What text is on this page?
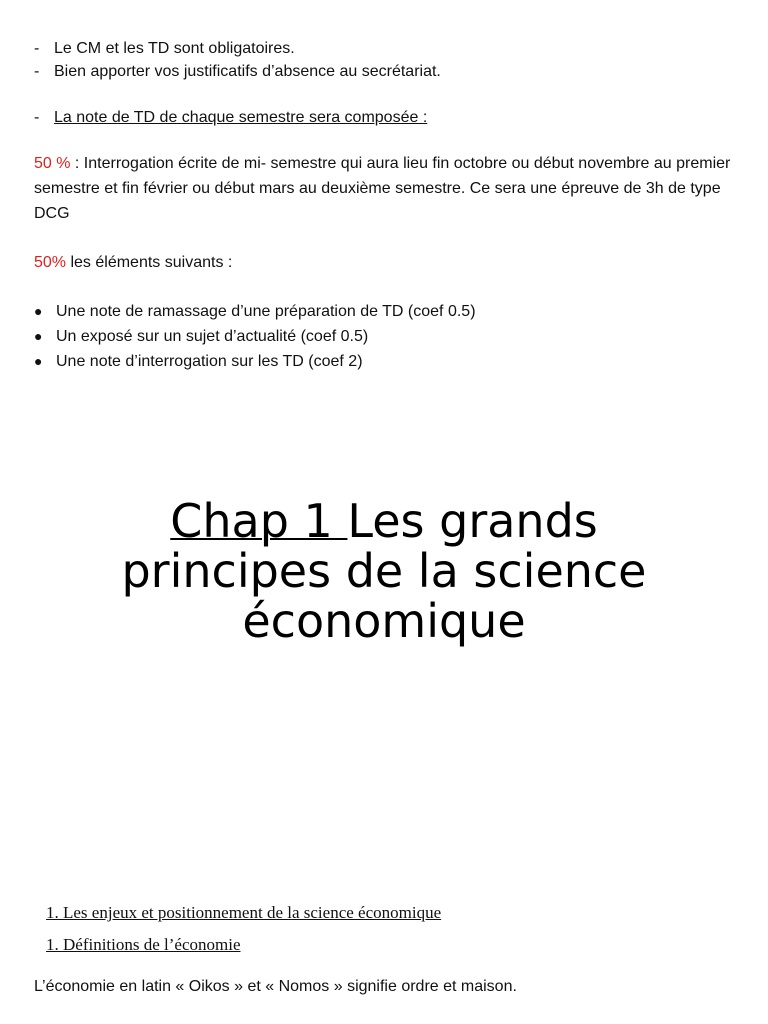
- Le CM et les TD sont obligatoires.
- Bien apporter vos justificatifs d’absence au secrétariat.
- La note de TD de chaque semestre sera composée :
50 % : Interrogation écrite de mi- semestre qui aura lieu fin octobre ou début novembre au premier semestre et fin février ou début mars au deuxième semestre. Ce sera une épreuve de 3h de type DCG
50% les éléments suivants :
● Une note de ramassage d’une préparation de TD (coef 0.5)
● Un exposé sur un sujet d’actualité (coef 0.5)
● Une note d’interrogation sur les TD (coef 2)
Chap 1 Les grands principes de la science économique
1. Les enjeux et positionnement de la science économique
1. Définitions de l’économie
L’économie en latin « Oikos » et « Nomos » signifie ordre et maison.
